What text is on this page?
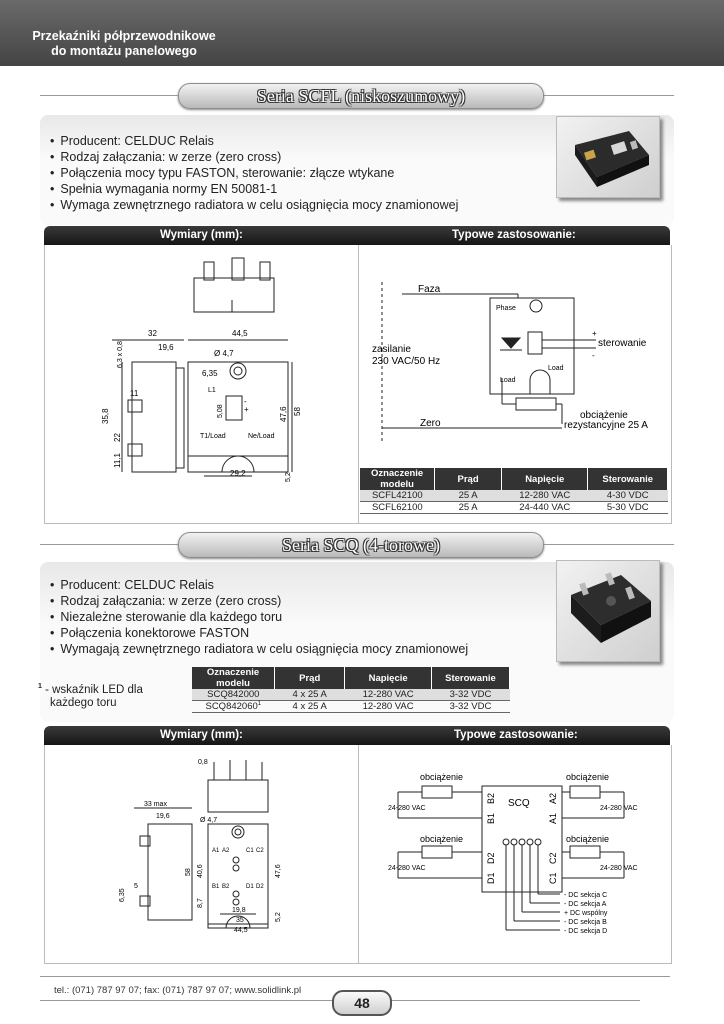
Przekaźniki półprzewodnikowe
do montażu panelowego
Seria SCFL (niskoszumowy)
• Producent: CELDUC Relais
• Rodzaj załączania: w zerze (zero cross)
• Połączenia mocy typu FASTON, sterowanie: złącze wtykane
• Spełnia wymagania normy EN 50081-1
• Wymaga zewnętrznego radiatora w celu osiągnięcia mocy znamionowej
Wymiary (mm):	Typowe zastosowanie:
32
19,6
44,5
6,3 x 0,8	Ø 4,7
6,35
L1
11
5,08	+
-
35,8
22
11,1
T1/Load	Ne/Load
47,6 58
5,2
29,2
Faza
Phase
zasilanie
230 VAC/50 Hz
sterowanie
+
-
Load
Load
Zero
obciążenie
rezystancyjne 25 A
Oznaczenie modelu	Prąd	Napięcie	Sterowanie
SCFL42100	25 A	12-280 VAC	4-30 VDC
SCFL62100	25 A	24-440 VAC	5-30 VDC
Seria SCQ (4-torowe)
• Producent: CELDUC Relais
• Rodzaj załączania: w zerze (zero cross)
• Niezależne sterowanie dla każdego toru
• Połączenia konektorowe FASTON
• Wymagają zewnętrznego radiatora w celu osiągnięcia mocy znamionowej
$^1$ - wskaźnik LED dla
każdego toru
Oznaczenie modelu	Prąd	Napięcie	Sterowanie
SCQ842000	4 x 25 A	12-280 VAC	3-32 VDC
SCQ842060$^1$	4 x 25 A	12-280 VAC	3-32 VDC
Wymiary (mm):	Typowe zastosowanie:
0,8
33 max
19,6
Ø 4,7
A1 A2	C1 C2
B1 B2	D1 D2
58 40,6	47,6
8,7
6,35
5
19,8
35
44,5
5,2
obciążenie	obciążenie
obciążenie	obciążenie
24-280 VAC	24-280 VAC
24-280 VAC	24-280 VAC
SCQ
B2
B1
A2
A1
D2
D1
C2
C1
- DC sekcja C
- DC sekcja A
+ DC wspólny
- DC sekcja B
- DC sekcja D
tel.: (071) 787 97 07; fax: (071) 787 97 07; www.solidlink.pl
48
